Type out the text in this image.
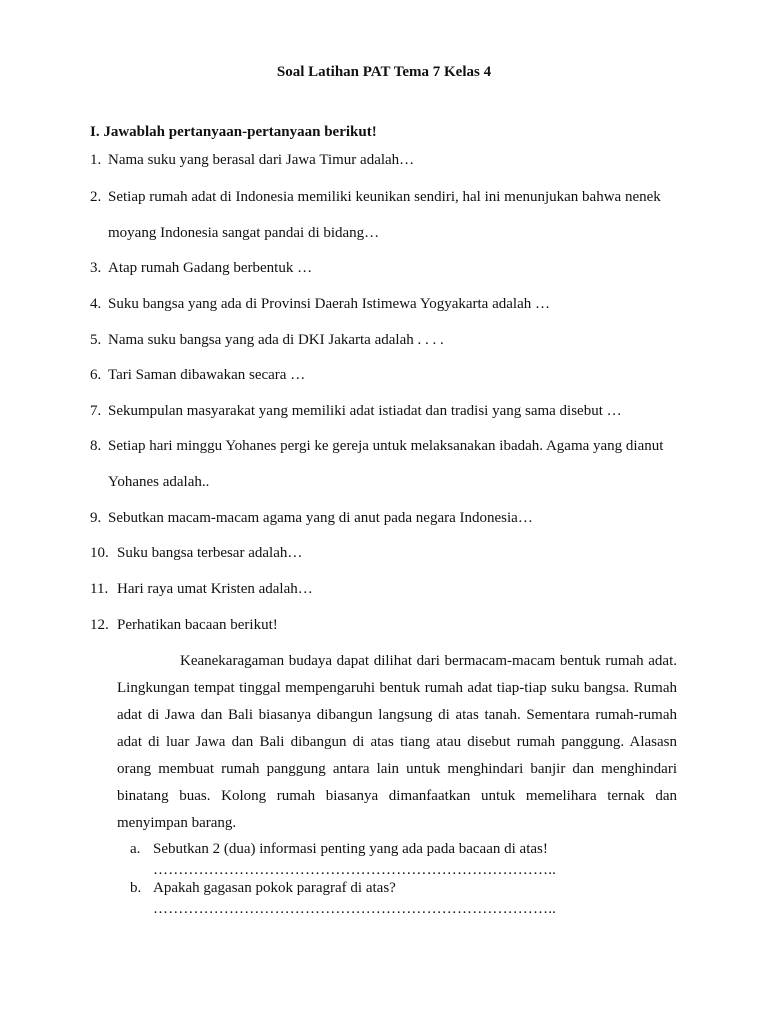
Soal Latihan PAT Tema 7 Kelas 4
I. Jawablah pertanyaan-pertanyaan berikut!
1. Nama suku yang berasal dari Jawa Timur adalah…
2. Setiap rumah adat di Indonesia memiliki keunikan sendiri, hal ini menunjukan bahwa nenek
moyang Indonesia sangat pandai di bidang…
3. Atap rumah Gadang berbentuk …
4. Suku bangsa yang ada di Provinsi Daerah Istimewa Yogyakarta adalah …
5. Nama suku bangsa yang ada di DKI Jakarta adalah . . . .
6. Tari Saman dibawakan secara …
7. Sekumpulan masyarakat yang memiliki adat istiadat dan tradisi yang sama disebut …
8. Setiap hari minggu Yohanes pergi ke gereja untuk melaksanakan ibadah. Agama yang dianut
Yohanes adalah..
9. Sebutkan macam-macam agama yang di anut pada negara Indonesia…
10. Suku bangsa terbesar adalah…
11. Hari raya umat Kristen adalah…
12. Perhatikan bacaan berikut!
Keanekaragaman budaya dapat dilihat dari bermacam-macam bentuk rumah adat. Lingkungan tempat tinggal mempengaruhi bentuk rumah adat tiap-tiap suku bangsa. Rumah adat di Jawa dan Bali biasanya dibangun langsung di atas tanah. Sementara rumah-rumah adat di luar Jawa dan Bali dibangun di atas tiang atau disebut rumah panggung. Alasasn orang membuat rumah panggung antara lain untuk menghindari banjir dan menghindari binatang buas. Kolong rumah biasanya dimanfaatkan untuk memelihara ternak dan menyimpan barang.
a. Sebutkan 2 (dua) informasi penting yang ada pada bacaan di atas!
……………………………………………………………………..
b. Apakah gagasan pokok paragraf di atas?
……………………………………………………………………..
